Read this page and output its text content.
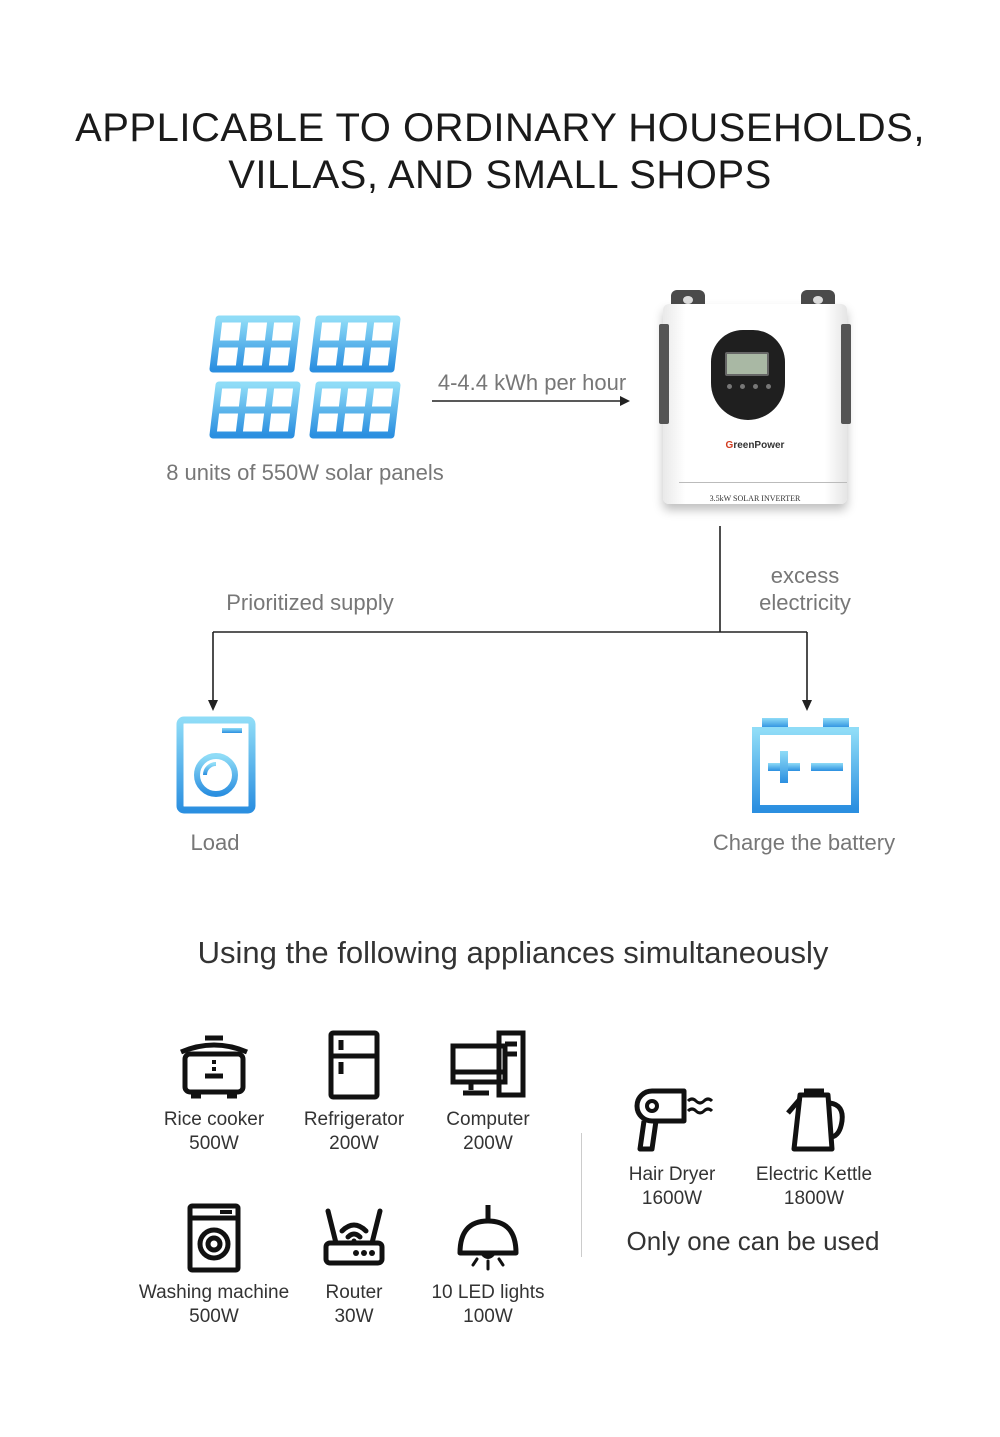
APPLICABLE TO ORDINARY HOUSEHOLDS,
VILLAS, AND SMALL SHOPS
8 units of 550W solar panels
4-4.4 kWh per hour
GreenPower
3.5kW SOLAR INVERTER
Prioritized supply
excess
electricity
Load	Charge the battery
Using the following appliances simultaneously
Rice cooker
500W
Refrigerator
200W
Computer
200W
Washing machine
500W
Router
30W
10 LED lights
100W
Hair Dryer
1600W
Electric Kettle
1800W
Only one can be used
